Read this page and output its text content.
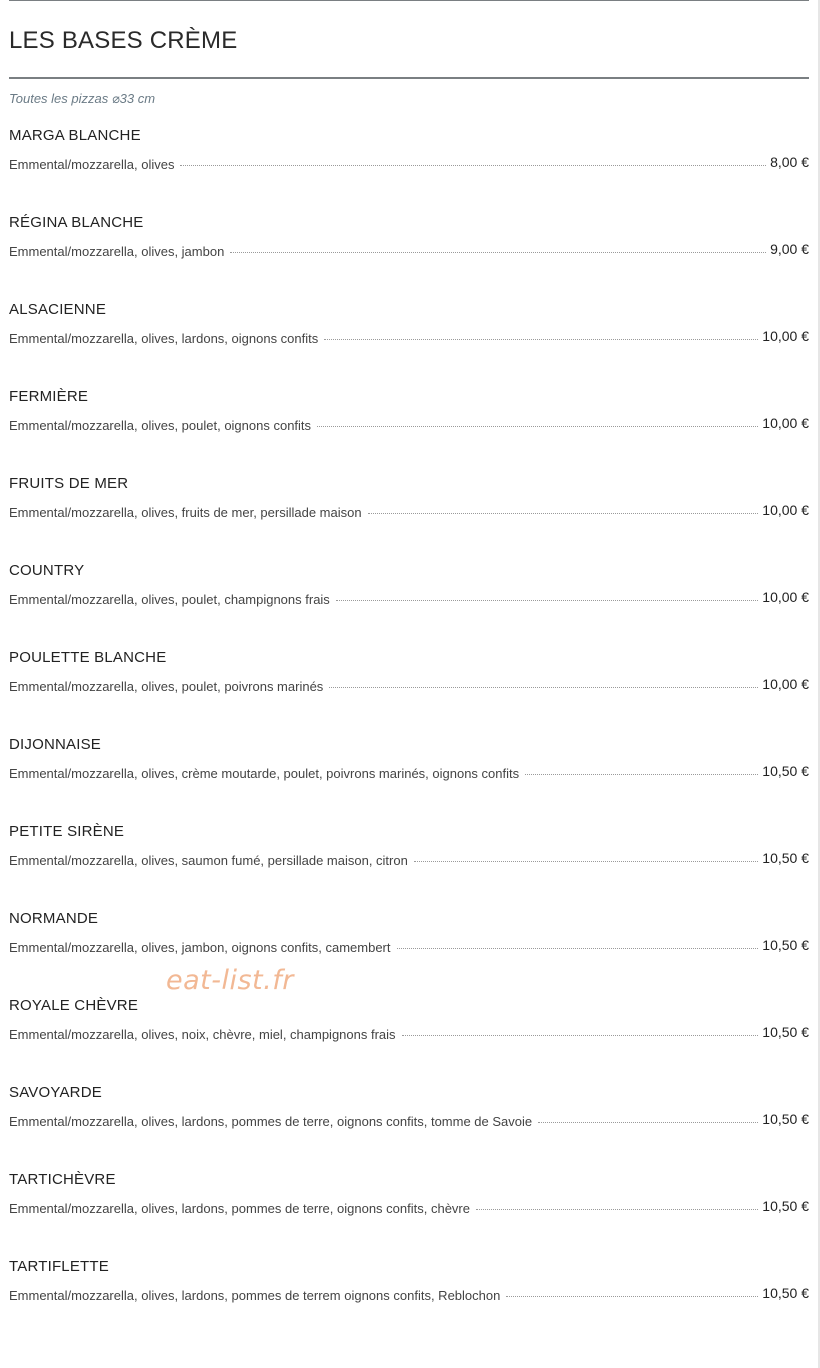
LES BASES CRÈME
Toutes les pizzas ⌀33 cm
MARGA BLANCHE
Emmental/mozzarella, olives	8,00 €
RÉGINA BLANCHE
Emmental/mozzarella, olives, jambon	9,00 €
ALSACIENNE
Emmental/mozzarella, olives, lardons, oignons confits	10,00 €
FERMIÈRE
Emmental/mozzarella, olives, poulet, oignons confits	10,00 €
FRUITS DE MER
Emmental/mozzarella, olives, fruits de mer, persillade maison	10,00 €
COUNTRY
Emmental/mozzarella, olives, poulet, champignons frais	10,00 €
POULETTE BLANCHE
Emmental/mozzarella, olives, poulet, poivrons marinés	10,00 €
DIJONNAISE
Emmental/mozzarella, olives, crème moutarde, poulet, poivrons marinés, oignons confits	10,50 €
PETITE SIRÈNE
Emmental/mozzarella, olives, saumon fumé, persillade maison, citron	10,50 €
NORMANDE
Emmental/mozzarella, olives, jambon, oignons confits, camembert	10,50 €
ROYALE CHÈVRE
Emmental/mozzarella, olives, noix, chèvre, miel, champignons frais	10,50 €
SAVOYARDE
Emmental/mozzarella, olives, lardons, pommes de terre, oignons confits, tomme de Savoie	10,50 €
TARTICHÈVRE
Emmental/mozzarella, olives, lardons, pommes de terre, oignons confits, chèvre	10,50 €
TARTIFLETTE
Emmental/mozzarella, olives, lardons, pommes de terrem oignons confits, Reblochon	10,50 €
eat-list.fr
